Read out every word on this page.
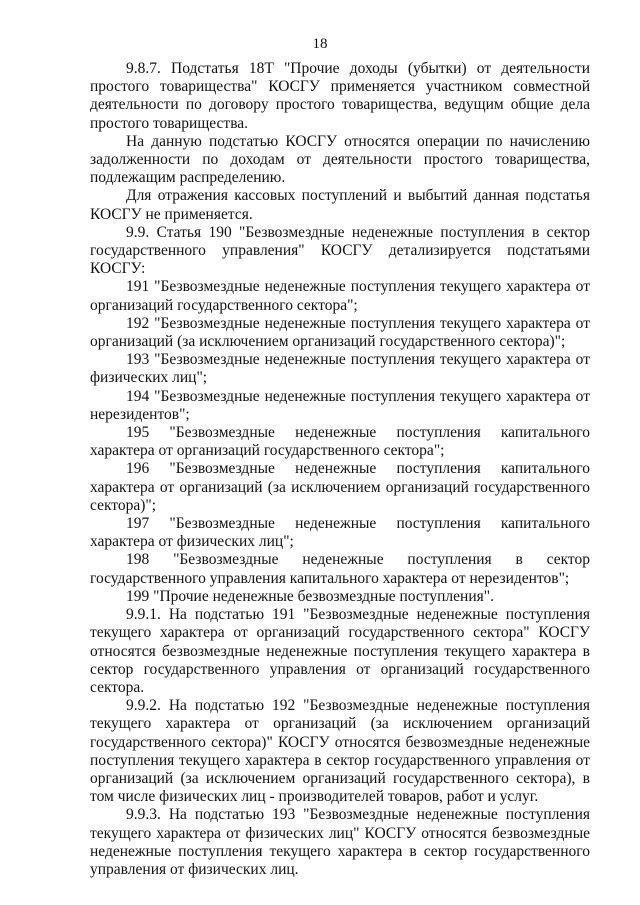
18

9.8.7. Подстатья 18Т "Прочие доходы (убытки) от деятельности простого товарищества" КОСГУ применяется участником совместной деятельности по договору простого товарищества, ведущим общие дела простого товарищества.

На данную подстатью КОСГУ относятся операции по начислению задолженности по доходам от деятельности простого товарищества, подлежащим распределению.

Для отражения кассовых поступлений и выбытий данная подстатья КОСГУ не применяется.

9.9. Статья 190 "Безвозмездные неденежные поступления в сектор государственного управления" КОСГУ детализируется подстатьями КОСГУ:

191 "Безвозмездные неденежные поступления текущего характера от организаций государственного сектора";

192 "Безвозмездные неденежные поступления текущего характера от организаций (за исключением организаций государственного сектора)";

193 "Безвозмездные неденежные поступления текущего характера от физических лиц";

194 "Безвозмездные неденежные поступления текущего характера от нерезидентов";

195 "Безвозмездные неденежные поступления капитального характера от организаций государственного сектора";

196 "Безвозмездные неденежные поступления капитального характера от организаций (за исключением организаций государственного сектора)";

197 "Безвозмездные неденежные поступления капитального характера от физических лиц";

198 "Безвозмездные неденежные поступления в сектор государственного управления капитального характера от нерезидентов";

199 "Прочие неденежные безвозмездные поступления".

9.9.1. На подстатью 191 "Безвозмездные неденежные поступления текущего характера от организаций государственного сектора" КОСГУ относятся безвозмездные неденежные поступления текущего характера в сектор государственного управления от организаций государственного сектора.

9.9.2. На подстатью 192 "Безвозмездные неденежные поступления текущего характера от организаций (за исключением организаций государственного сектора)" КОСГУ относятся безвозмездные неденежные поступления текущего характера в сектор государственного управления от организаций (за исключением организаций государственного сектора), в том числе физических лиц - производителей товаров, работ и услуг.

9.9.3. На подстатью 193 "Безвозмездные неденежные поступления текущего характера от физических лиц" КОСГУ относятся безвозмездные неденежные поступления текущего характера в сектор государственного управления от физических лиц.
